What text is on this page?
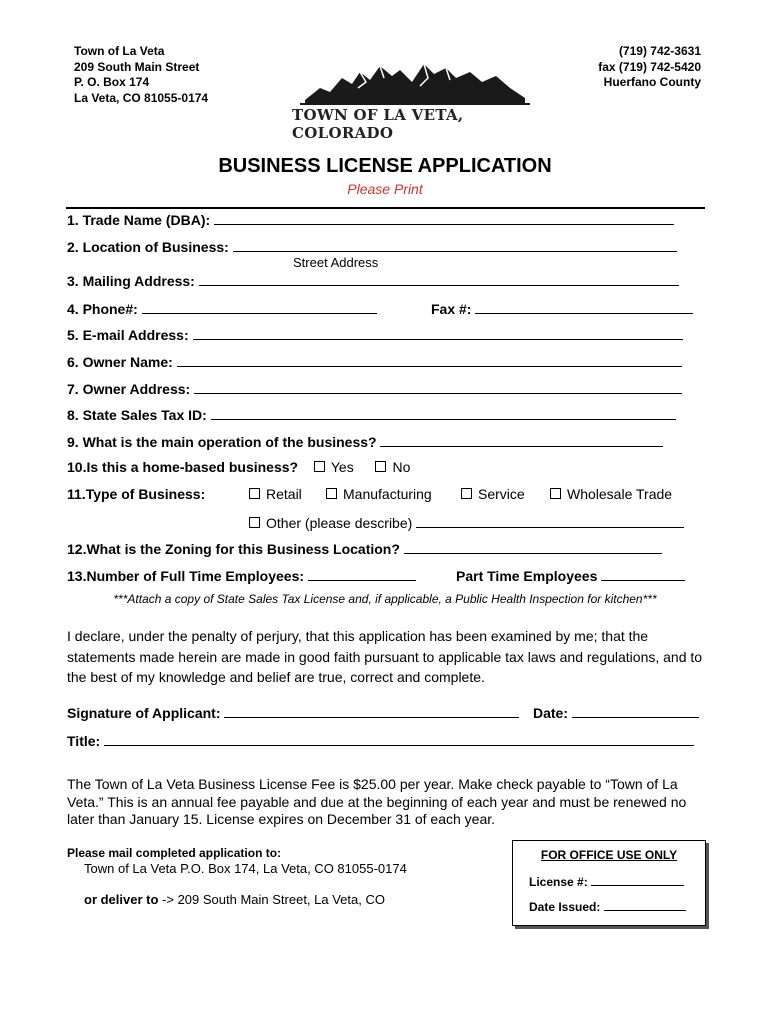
Town of La Veta
209 South Main Street
P. O. Box 174
La Veta, CO 81055-0174
(719) 742-3631
fax (719) 742-5420
Huerfano County
TOWN OF LA VETA, COLORADO
BUSINESS LICENSE APPLICATION
Please Print
1. Trade Name (DBA):
2. Location of Business:
Street Address
3. Mailing Address:
4. Phone#:	Fax #:
5. E-mail Address:
6. Owner Name:
7. Owner Address:
8. State Sales Tax ID:
9. What is the main operation of the business?
10.Is this a home-based business? Yes	No
11.Type of Business:	Retail	Manufacturing	Service	Wholesale Trade
Other (please describe)
12.What is the Zoning for this Business Location?
13.Number of Full Time Employees:	Part Time Employees
***Attach a copy of State Sales Tax License and, if applicable, a Public Health Inspection for kitchen***
I declare, under the penalty of perjury, that this application has been examined by me; that the statements made herein are made in good faith pursuant to applicable tax laws and regulations, and to the best of my knowledge and belief are true, correct and complete.
Signature of Applicant:	Date:
Title:
The Town of La Veta Business License Fee is $25.00 per year. Make check payable to “Town of La Veta.” This is an annual fee payable and due at the beginning of each year and must be renewed no later than January 15. License expires on December 31 of each year.
Please mail completed application to:
Town of La Veta P.O. Box 174, La Veta, CO 81055-0174
or deliver to -> 209 South Main Street, La Veta, CO
FOR OFFICE USE ONLY
License #:
Date Issued:
